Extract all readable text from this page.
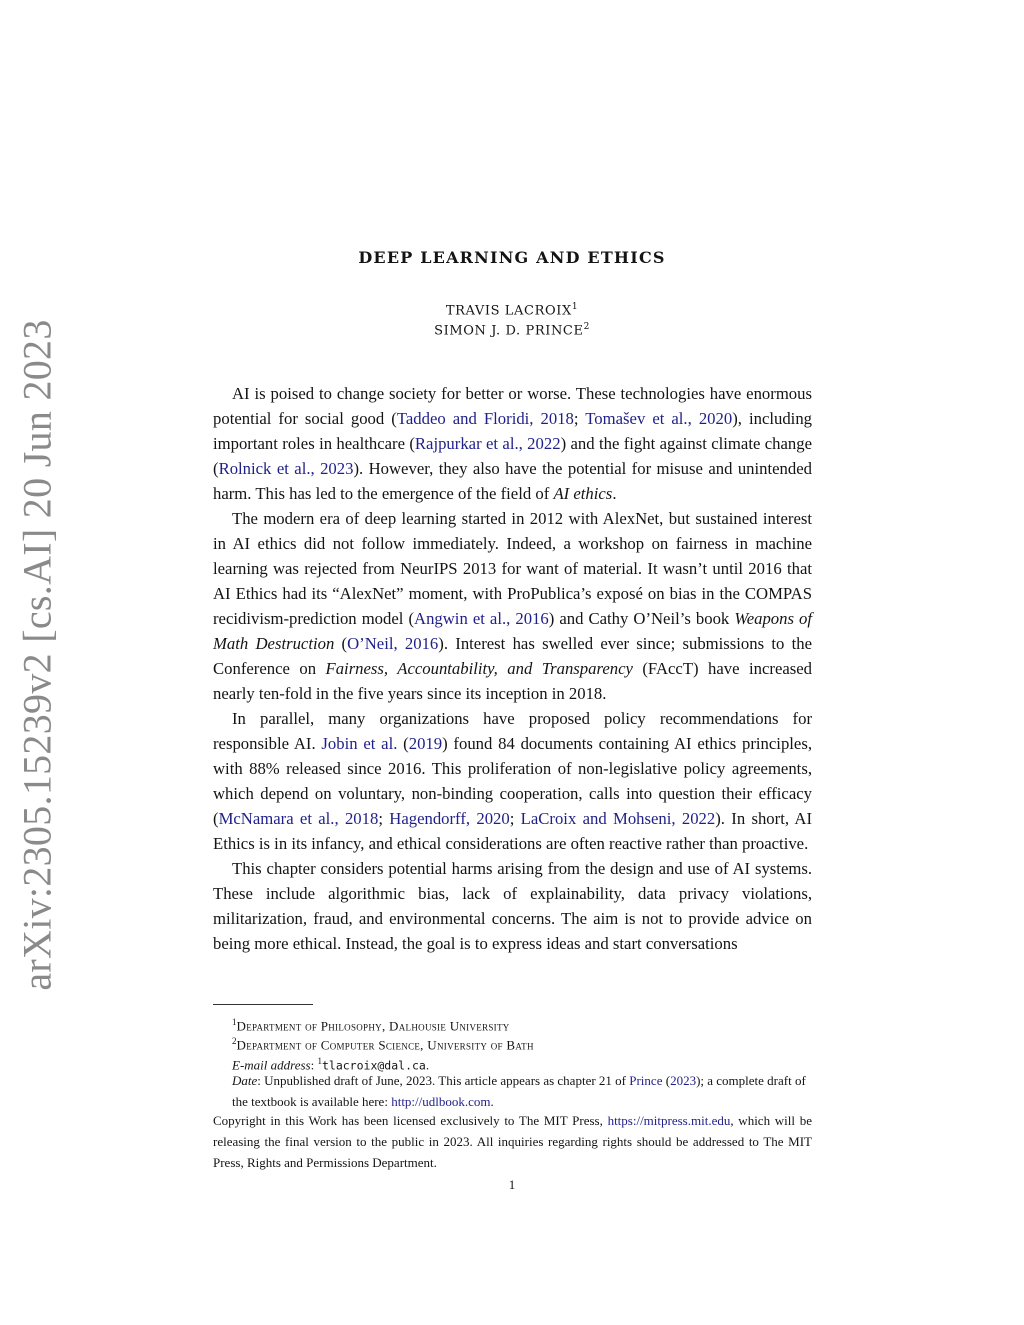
arXiv:2305.15239v2 [cs.AI] 20 Jun 2023
DEEP LEARNING AND ETHICS
TRAVIS LACROIX$^1$
SIMON J. D. PRINCE$^2$

AI is poised to change society for better or worse. These technologies have enormous potential for social good (Taddeo and Floridi, 2018; Tomašev et al., 2020), including important roles in healthcare (Rajpurkar et al., 2022) and the fight against climate change (Rolnick et al., 2023). However, they also have the potential for misuse and unintended harm. This has led to the emergence of the field of AI ethics.

The modern era of deep learning started in 2012 with AlexNet, but sustained interest in AI ethics did not follow immediately. Indeed, a workshop on fairness in machine learning was rejected from NeurIPS 2013 for want of material. It wasn’t until 2016 that AI Ethics had its “AlexNet” moment, with ProPublica’s exposé on bias in the COMPAS recidivism-prediction model (Angwin et al., 2016) and Cathy O’Neil’s book Weapons of Math Destruction (O’Neil, 2016). Interest has swelled ever since; submissions to the Conference on Fairness, Accountability, and Transparency (FAccT) have increased nearly ten-fold in the five years since its inception in 2018.

In parallel, many organizations have proposed policy recommendations for responsible AI. Jobin et al. (2019) found 84 documents containing AI ethics principles, with 88% released since 2016. This proliferation of non-legislative policy agreements, which depend on voluntary, non-binding cooperation, calls into question their efficacy (McNamara et al., 2018; Hagendorff, 2020; LaCroix and Mohseni, 2022). In short, AI Ethics is in its infancy, and ethical considerations are often reactive rather than proactive.

This chapter considers potential harms arising from the design and use of AI systems. These include algorithmic bias, lack of explainability, data privacy violations, militarization, fraud, and environmental concerns. The aim is not to provide advice on being more ethical. Instead, the goal is to express ideas and start conversations

$^1$Department of Philosophy, Dalhousie University
$^2$Department of Computer Science, University of Bath
E-mail address: $^1$tlacroix@dal.ca.
Date: Unpublished draft of June, 2023. This article appears as chapter 21 of Prince (2023); a complete draft of the textbook is available here: http://udlbook.com.
Copyright in this Work has been licensed exclusively to The MIT Press, https://mitpress.mit.edu, which will be releasing the final version to the public in 2023. All inquiries regarding rights should be addressed to The MIT Press, Rights and Permissions Department.
1
